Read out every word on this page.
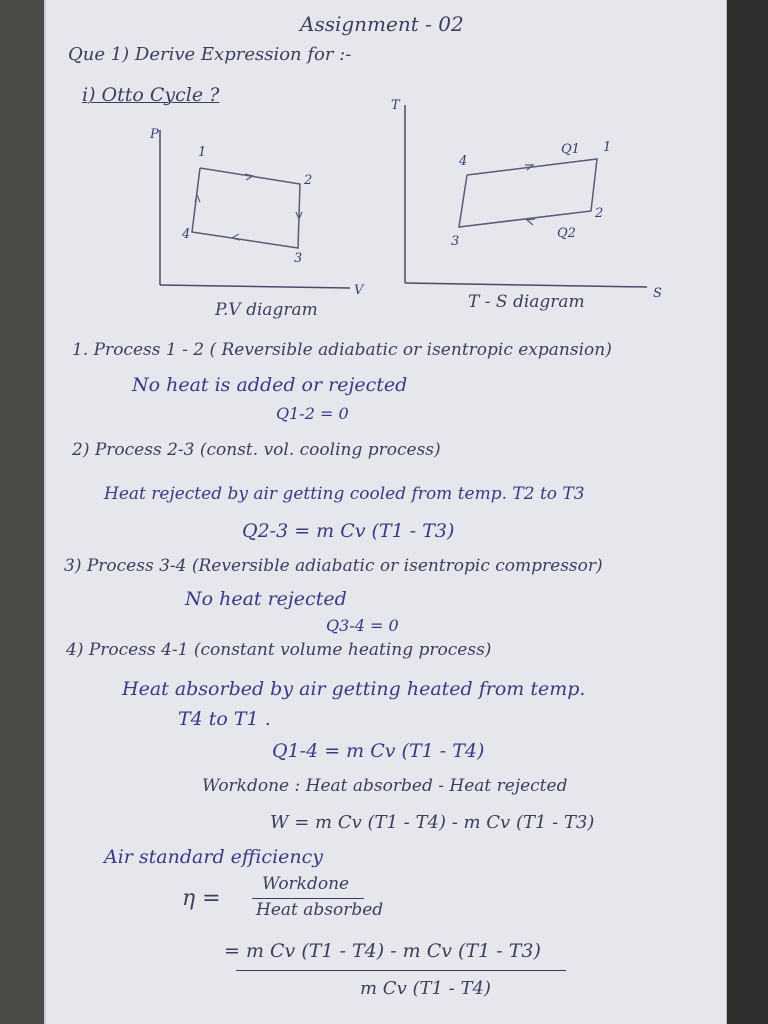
Assignment - 02
Que 1) Derive Expression for :-
i) Otto Cycle ?
P
V
1
2
3
4
P.V diagram
T
S
1
2
3
4
Q1
Q2
T - S diagram
1. Process 1 - 2 ( Reversible adiabatic or isentropic expansion)
No heat is added or rejected
Q1-2 = 0
2) Process 2-3 (const. vol. cooling process)
Heat rejected by air getting cooled from temp. T2 to T3
Q2-3 = m Cv (T1 - T3)
3) Process 3-4 (Reversible adiabatic or isentropic compressor)
No heat rejected
Q3-4 = 0
4) Process 4-1 (constant volume heating process)
Heat absorbed by air getting heated from temp.
T4 to T1 .
Q1-4 = m Cv (T1 - T4)
Workdone : Heat absorbed - Heat rejected
W = m Cv (T1 - T4) - m Cv (T1 - T3)
Air standard efficiency
η =
Workdone
Heat absorbed
= m Cv (T1 - T4) - m Cv (T1 - T3)
m Cv (T1 - T4)
